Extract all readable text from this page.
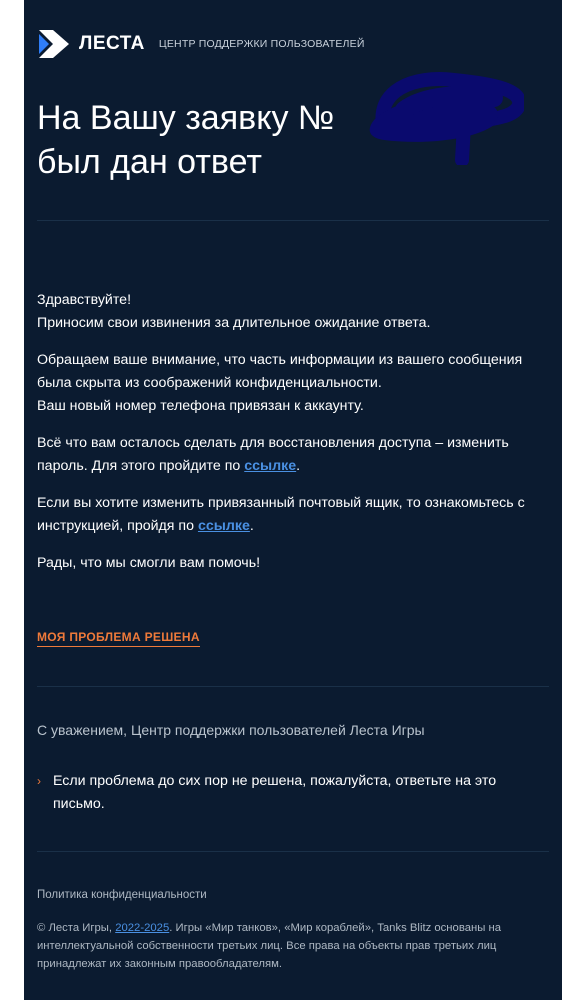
ЛЕСТА ЦЕНТР ПОДДЕРЖКИ ПОЛЬЗОВАТЕЛЕЙ
На Вашу заявку №
был дан ответ

Здравствуйте!
Приносим свои извинения за длительное ожидание ответа.

Обращаем ваше внимание, что часть информации из вашего сообщения была скрыта из соображений конфиденциальности.
Ваш новый номер телефона привязан к аккаунту.

Всё что вам осталось сделать для восстановления доступа – изменить пароль. Для этого пройдите по ссылке.

Если вы хотите изменить привязанный почтовый ящик, то ознакомьтесь с инструкцией, пройдя по ссылке.

Рады, что мы смогли вам помочь!

МОЯ ПРОБЛЕМА РЕШЕНА
С уважением, Центр поддержки пользователей Леста Игры
› Если проблема до сих пор не решена, пожалуйста, ответьте на это письмо.
Политика конфиденциальности
© Леста Игры, 2022-2025. Игры «Мир танков», «Мир кораблей», Tanks Blitz основаны на интеллектуальной собственности третьих лиц. Все права на объекты прав третьих лиц принадлежат их законным правообладателям.
